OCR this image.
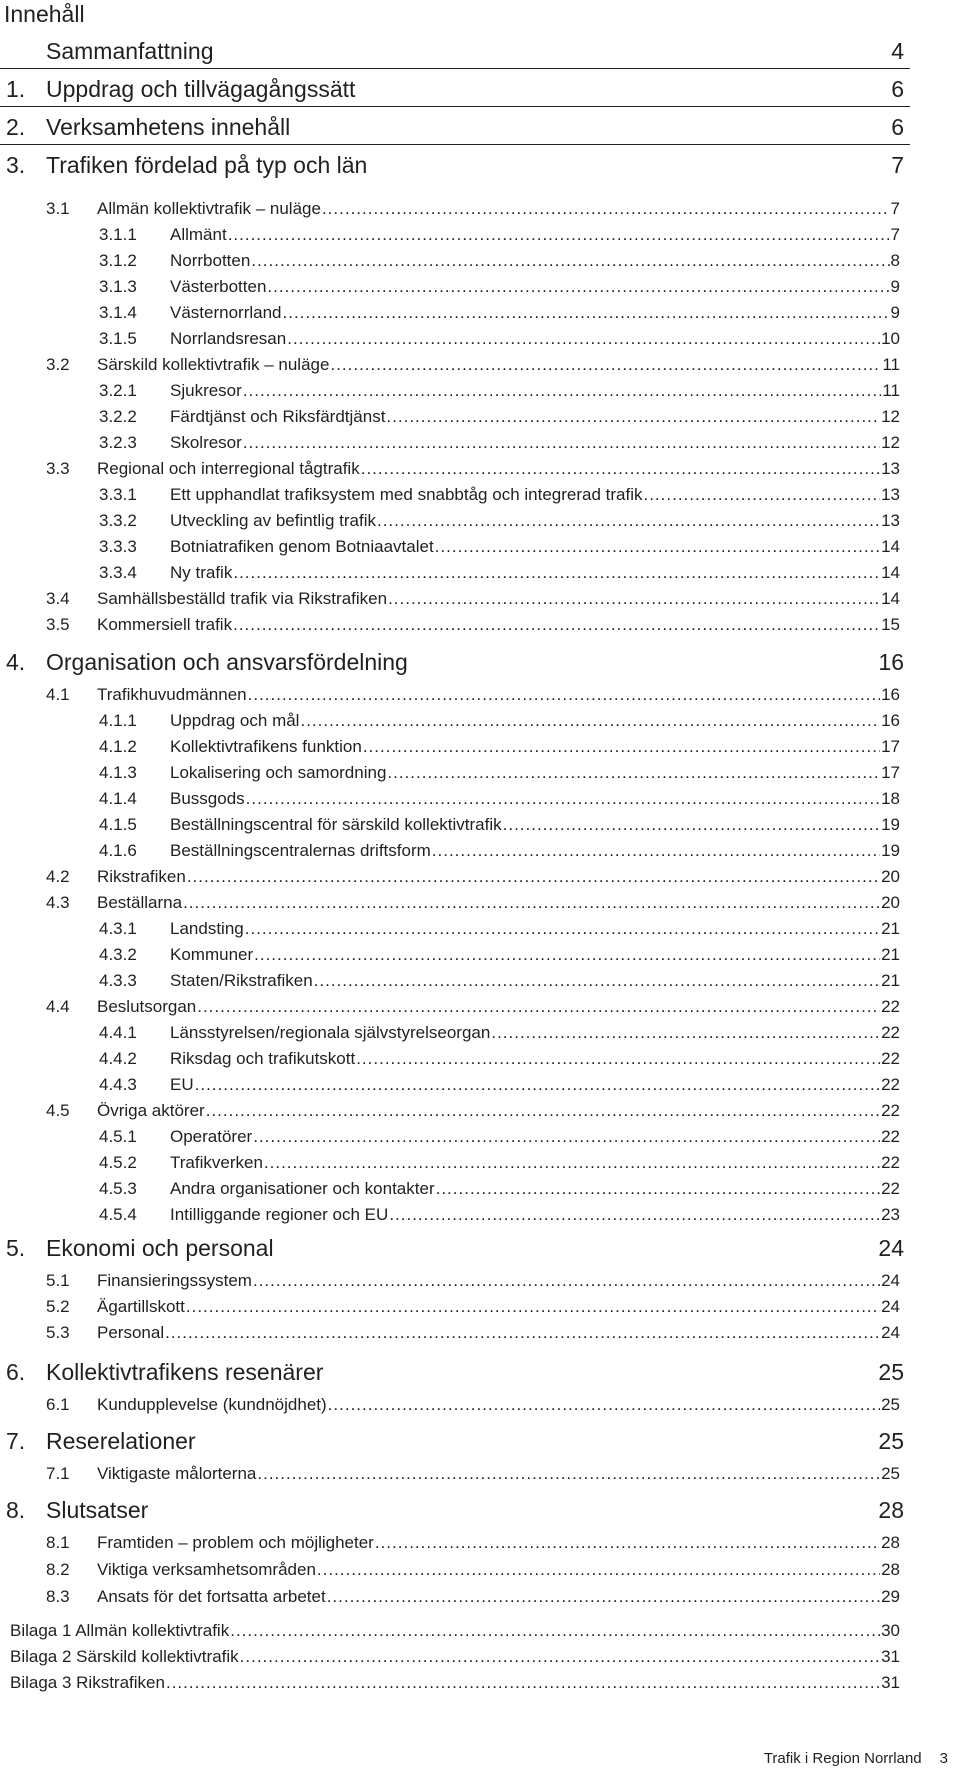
Innehåll
Sammanfattning	4
1. Uppdrag och tillvägagångssätt	6
2. Verksamhetens innehåll	6
3. Trafiken fördelad på typ och län	7
3.1	Allmän kollektivtrafik – nuläge .....	7
3.1.1	Allmänt .....	7
3.1.2	Norrbotten .....	8
3.1.3	Västerbotten .....	9
3.1.4	Västernorrland .....	9
3.1.5	Norrlandsresan .....	10
3.2	Särskild kollektivtrafik – nuläge .....	11
3.2.1	Sjukresor .....	11
3.2.2	Färdtjänst och Riksfärdtjänst .....	12
3.2.3	Skolresor .....	12
3.3	Regional och interregional tågtrafik .....	13
3.3.1	Ett upphandlat trafiksystem med snabbtåg och integrerad trafik .....	13
3.3.2	Utveckling av befintlig trafik .....	13
3.3.3	Botniatrafiken genom Botniaavtalet .....	14
3.3.4	Ny trafik .....	14
3.4	Samhällsbeställd trafik via Rikstrafiken .....	14
3.5	Kommersiell trafik .....	15
4. Organisation och ansvarsfördelning	16
4.1	Trafikhuvudmännen .....	16
4.1.1	Uppdrag och mål .....	16
4.1.2	Kollektivtrafikens funktion .....	17
4.1.3	Lokalisering och samordning .....	17
4.1.4	Bussgods .....	18
4.1.5	Beställningscentral för särskild kollektivtrafik .....	19
4.1.6	Beställningscentralernas driftsform .....	19
4.2	Rikstrafiken .....	20
4.3	Beställarna .....	20
4.3.1	Landsting .....	21
4.3.2	Kommuner .....	21
4.3.3	Staten/Rikstrafiken .....	21
4.4	Beslutsorgan .....	22
4.4.1	Länsstyrelsen/regionala självstyrelseorgan .....	22
4.4.2	Riksdag och trafikutskott .....	22
4.4.3	EU .....	22
4.5	Övriga aktörer .....	22
4.5.1	Operatörer .....	22
4.5.2	Trafikverken .....	22
4.5.3	Andra organisationer och kontakter .....	22
4.5.4	Intilliggande regioner och EU .....	23
5. Ekonomi och personal	24
5.1	Finansieringssystem .....	24
5.2	Ägartillskott .....	24
5.3	Personal .....	24
6. Kollektivtrafikens resenärer	25
6.1	Kundupplevelse (kundnöjdhet) .....	25
7. Reserelationer	25
7.1	Viktigaste målorterna .....	25
8. Slutsatser	28
8.1	Framtiden – problem och möjligheter .....	28
8.2	Viktiga verksamhetsområden .....	28
8.3	Ansats för det fortsatta arbetet .....	29
Bilaga 1 Allmän kollektivtrafik .....	30
Bilaga 2 Särskild kollektivtrafik .....	31
Bilaga 3 Rikstrafiken .....	31
Trafik i Region Norrland 3
